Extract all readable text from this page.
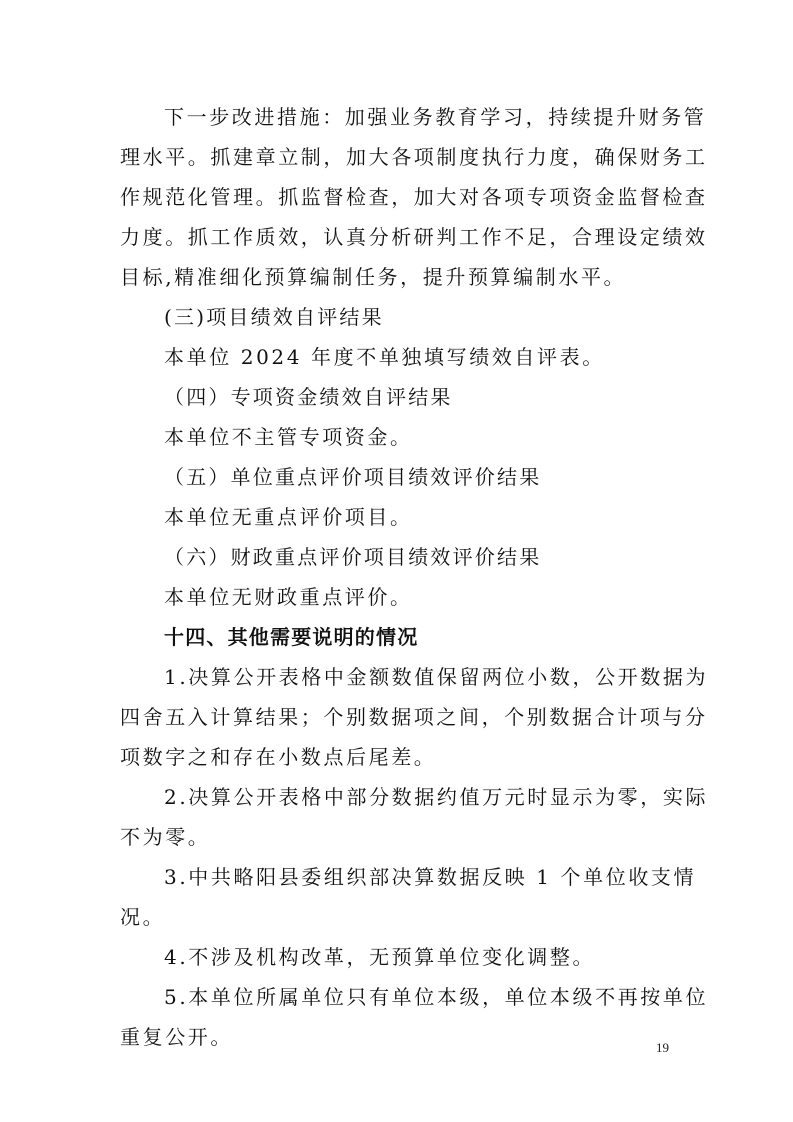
下一步改进措施：加强业务教育学习，持续提升财务管
理水平。抓建章立制，加大各项制度执行力度，确保财务工
作规范化管理。抓监督检查，加大对各项专项资金监督检查
力度。抓工作质效，认真分析研判工作不足，合理设定绩效
目标,精准细化预算编制任务，提升预算编制水平。
(三)项目绩效自评结果
本单位 2024 年度不单独填写绩效自评表。
（四）专项资金绩效自评结果
本单位不主管专项资金。
（五）单位重点评价项目绩效评价结果
本单位无重点评价项目。
（六）财政重点评价项目绩效评价结果
本单位无财政重点评价。
十四、其他需要说明的情况
1.决算公开表格中金额数值保留两位小数，公开数据为
四舍五入计算结果；个别数据项之间，个别数据合计项与分
项数字之和存在小数点后尾差。
2.决算公开表格中部分数据约值万元时显示为零，实际
不为零。
3.中共略阳县委组织部决算数据反映 1 个单位收支情
况。
4.不涉及机构改革，无预算单位变化调整。
5.本单位所属单位只有单位本级，单位本级不再按单位
重复公开。	19
